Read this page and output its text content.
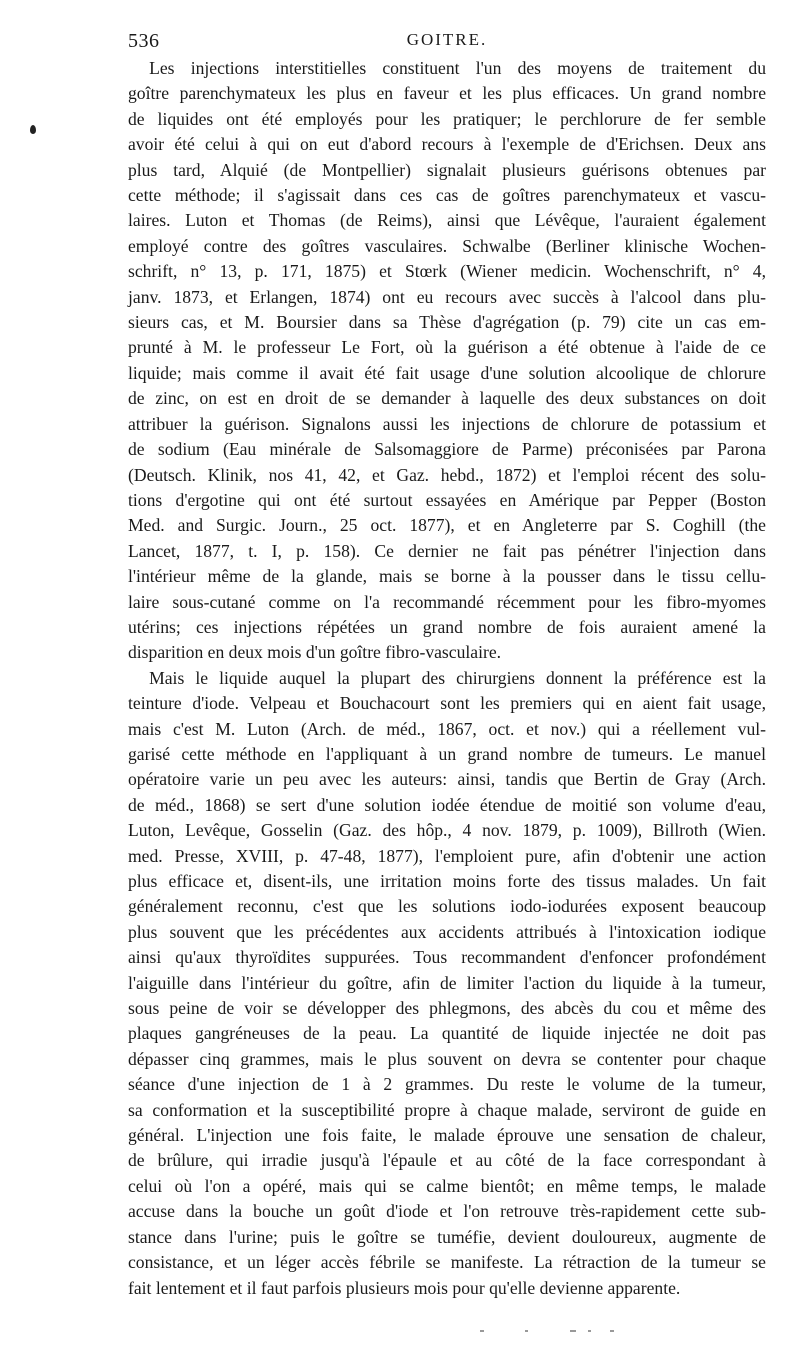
536	GOITRE.
Les injections interstitielles constituent l'un des moyens de traitement du
goître parenchymateux les plus en faveur et les plus efficaces. Un grand nombre
de liquides ont été employés pour les pratiquer; le perchlorure de fer semble
avoir été celui à qui on eut d'abord recours à l'exemple de d'Erichsen. Deux ans
plus tard, Alquié (de Montpellier) signalait plusieurs guérisons obtenues par
cette méthode; il s'agissait dans ces cas de goîtres parenchymateux et vascu-
laires. Luton et Thomas (de Reims), ainsi que Lévêque, l'auraient également
employé contre des goîtres vasculaires. Schwalbe (Berliner klinische Wochen-
schrift, n° 13, p. 171, 1875) et Stœrk (Wiener medicin. Wochenschrift, n° 4,
janv. 1873, et Erlangen, 1874) ont eu recours avec succès à l'alcool dans plu-
sieurs cas, et M. Boursier dans sa Thèse d'agrégation (p. 79) cite un cas em-
prunté à M. le professeur Le Fort, où la guérison a été obtenue à l'aide de ce
liquide; mais comme il avait été fait usage d'une solution alcoolique de chlorure
de zinc, on est en droit de se demander à laquelle des deux substances on doit
attribuer la guérison. Signalons aussi les injections de chlorure de potassium et
de sodium (Eau minérale de Salsomaggiore de Parme) préconisées par Parona
(Deutsch. Klinik, nos 41, 42, et Gaz. hebd., 1872) et l'emploi récent des solu-
tions d'ergotine qui ont été surtout essayées en Amérique par Pepper (Boston
Med. and Surgic. Journ., 25 oct. 1877), et en Angleterre par S. Coghill (the
Lancet, 1877, t. I, p. 158). Ce dernier ne fait pas pénétrer l'injection dans
l'intérieur même de la glande, mais se borne à la pousser dans le tissu cellu-
laire sous-cutané comme on l'a recommandé récemment pour les fibro-myomes
utérins; ces injections répétées un grand nombre de fois auraient amené la
disparition en deux mois d'un goître fibro-vasculaire.
Mais le liquide auquel la plupart des chirurgiens donnent la préférence est la
teinture d'iode. Velpeau et Bouchacourt sont les premiers qui en aient fait usage,
mais c'est M. Luton (Arch. de méd., 1867, oct. et nov.) qui a réellement vul-
garisé cette méthode en l'appliquant à un grand nombre de tumeurs. Le manuel
opératoire varie un peu avec les auteurs: ainsi, tandis que Bertin de Gray (Arch.
de méd., 1868) se sert d'une solution iodée étendue de moitié son volume d'eau,
Luton, Levêque, Gosselin (Gaz. des hôp., 4 nov. 1879, p. 1009), Billroth (Wien.
med. Presse, XVIII, p. 47-48, 1877), l'emploient pure, afin d'obtenir une action
plus efficace et, disent-ils, une irritation moins forte des tissus malades. Un fait
généralement reconnu, c'est que les solutions iodo-iodurées exposent beaucoup
plus souvent que les précédentes aux accidents attribués à l'intoxication iodique
ainsi qu'aux thyroïdites suppurées. Tous recommandent d'enfoncer profondément
l'aiguille dans l'intérieur du goître, afin de limiter l'action du liquide à la tumeur,
sous peine de voir se développer des phlegmons, des abcès du cou et même des
plaques gangréneuses de la peau. La quantité de liquide injectée ne doit pas
dépasser cinq grammes, mais le plus souvent on devra se contenter pour chaque
séance d'une injection de 1 à 2 grammes. Du reste le volume de la tumeur,
sa conformation et la susceptibilité propre à chaque malade, serviront de guide en
général. L'injection une fois faite, le malade éprouve une sensation de chaleur,
de brûlure, qui irradie jusqu'à l'épaule et au côté de la face correspondant à
celui où l'on a opéré, mais qui se calme bientôt; en même temps, le malade
accuse dans la bouche un goût d'iode et l'on retrouve très-rapidement cette sub-
stance dans l'urine; puis le goître se tuméfie, devient douloureux, augmente de
consistance, et un léger accès fébrile se manifeste. La rétraction de la tumeur se
fait lentement et il faut parfois plusieurs mois pour qu'elle devienne apparente.
